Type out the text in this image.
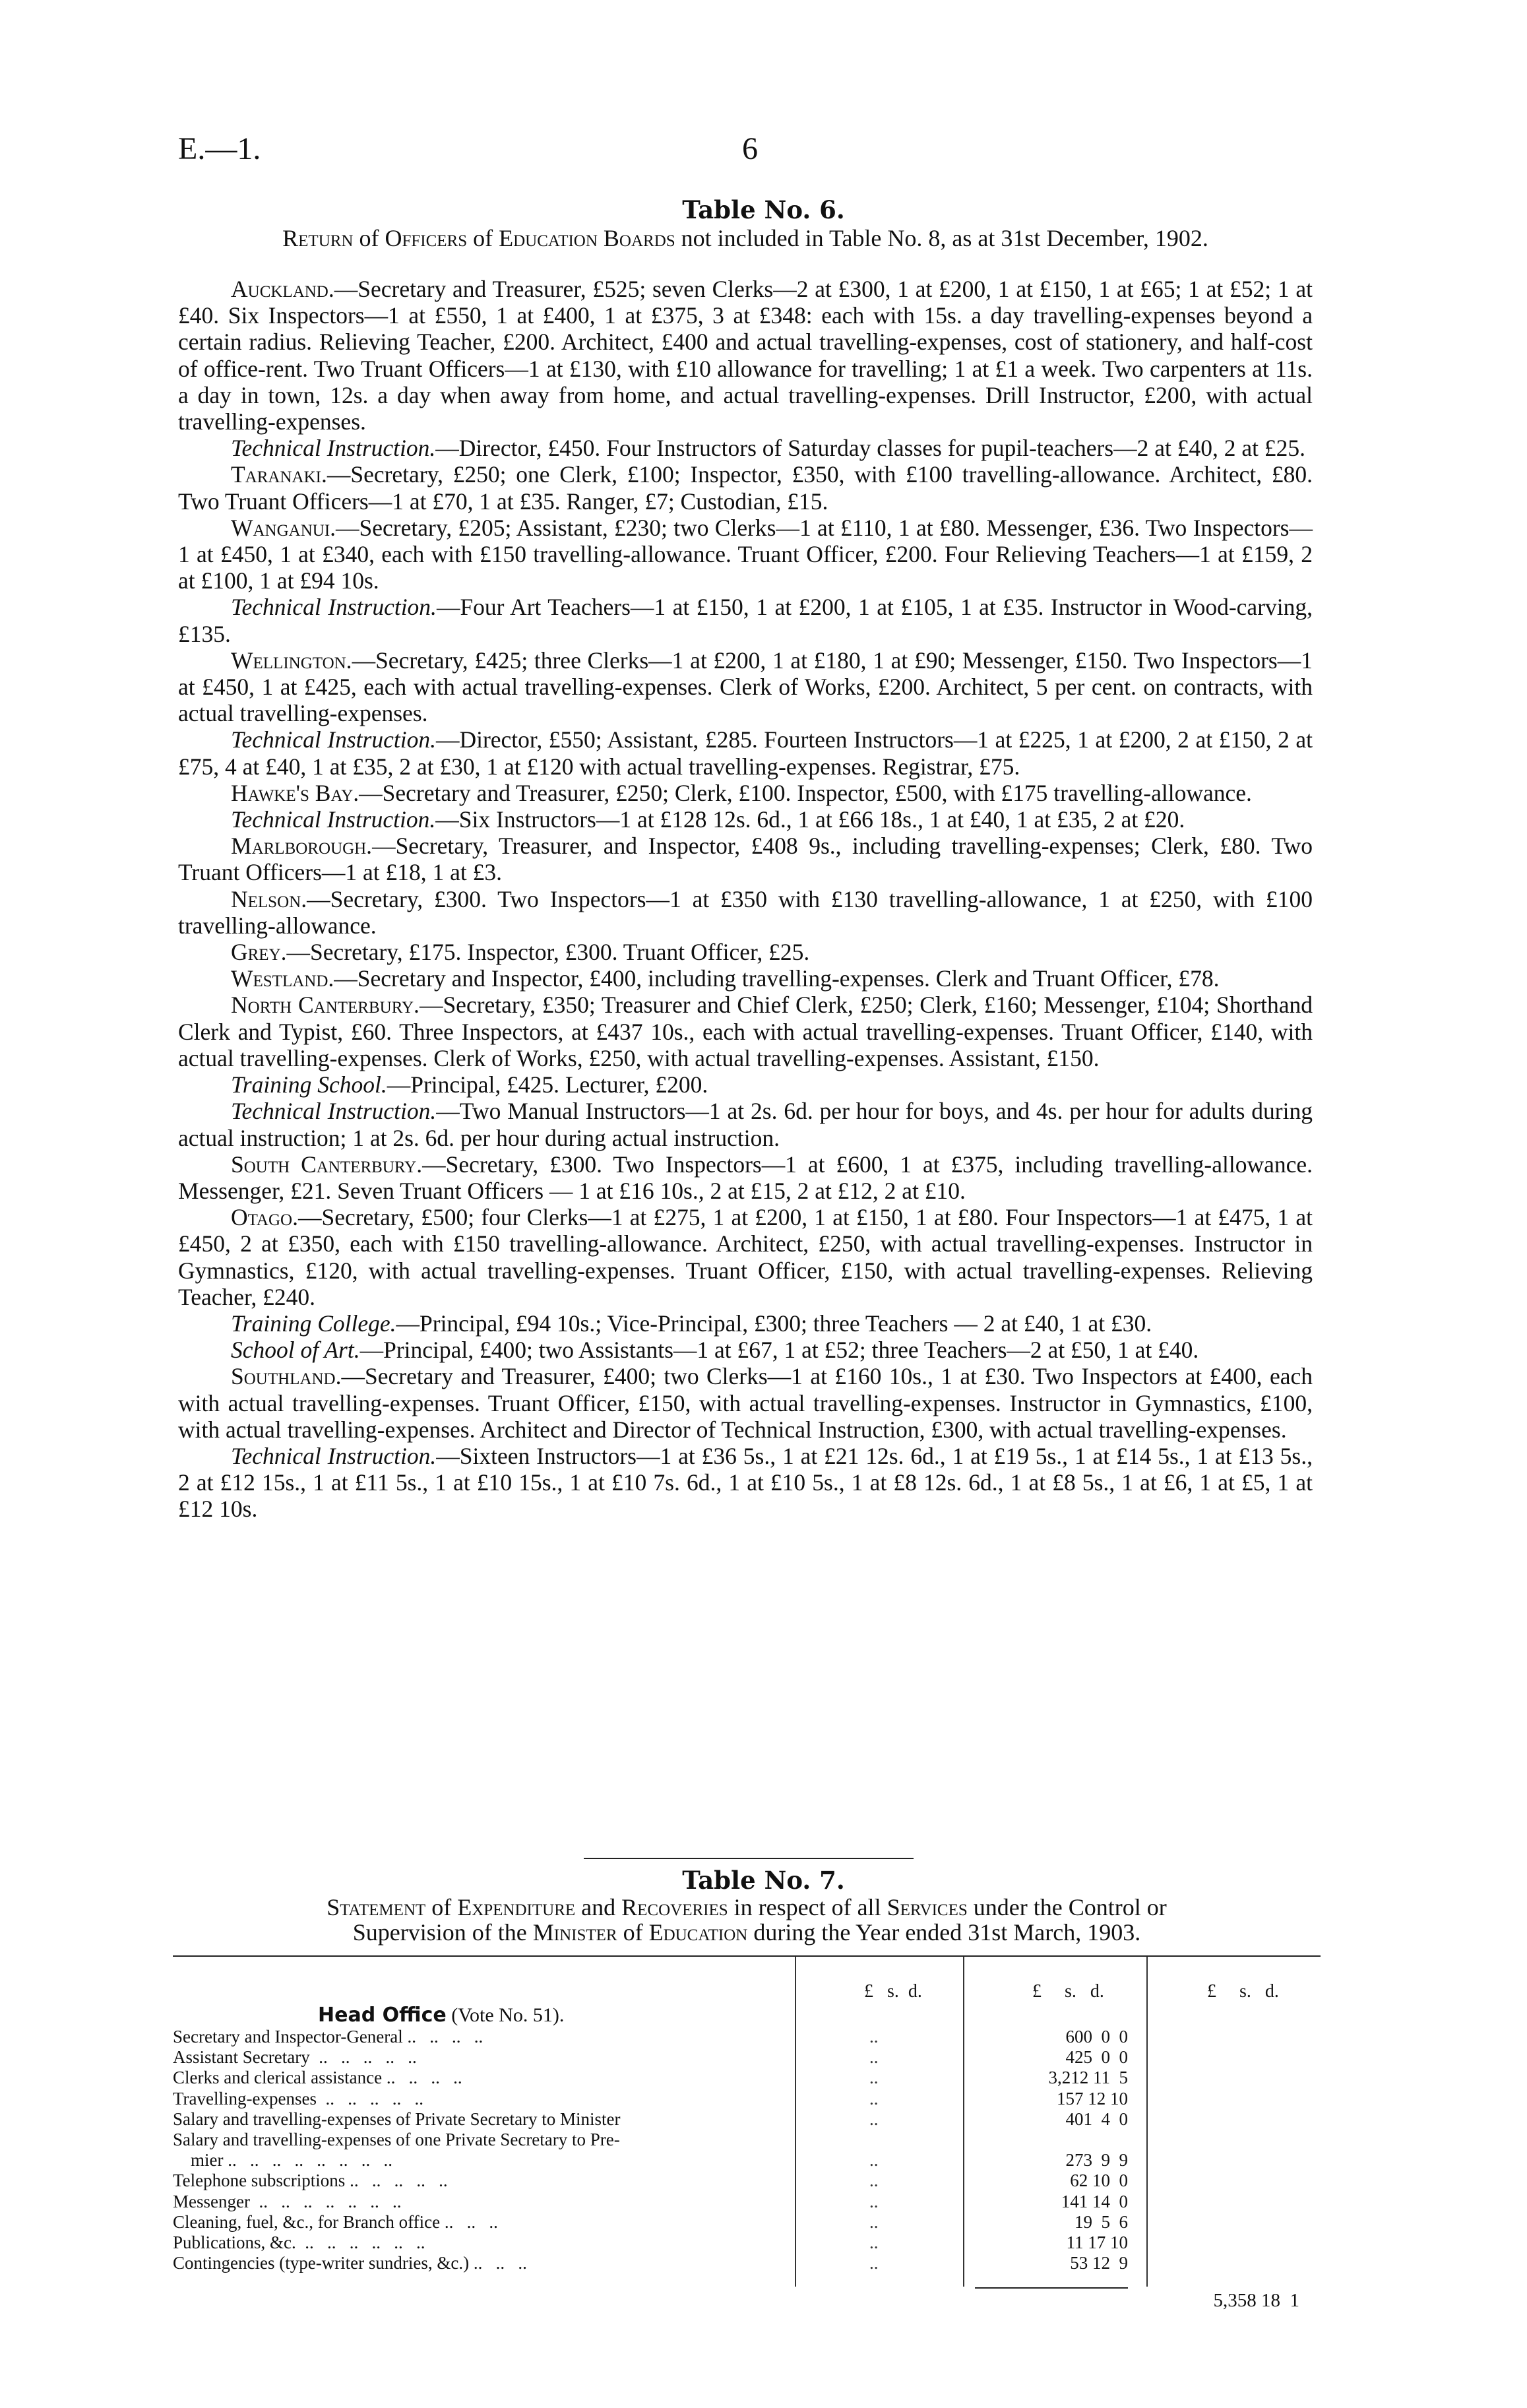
E.—1.	6
Table No. 6.
Return of Officers of Education Boards not included in Table No. 8, as at 31st December, 1902.

Auckland.—Secretary and Treasurer, £525; seven Clerks—2 at £300, 1 at £200, 1 at £150, 1 at £65; 1 at £52; 1 at £40. Six Inspectors—1 at £550, 1 at £400, 1 at £375, 3 at £348: each with 15s. a day travelling-expenses beyond a certain radius. Relieving Teacher, £200. Architect, £400 and actual travelling-expenses, cost of stationery, and half-cost of office-rent. Two Truant Officers—1 at £130, with £10 allowance for travelling; 1 at £1 a week. Two carpenters at 11s. a day in town, 12s. a day when away from home, and actual travelling-expenses. Drill Instructor, £200, with actual travelling-expenses.

Technical Instruction.—Director, £450. Four Instructors of Saturday classes for pupil-teachers—2 at £40, 2 at £25.

Taranaki.—Secretary, £250; one Clerk, £100; Inspector, £350, with £100 travelling-allowance. Architect, £80. Two Truant Officers—1 at £70, 1 at £35. Ranger, £7; Custodian, £15.

Wanganui.—Secretary, £205; Assistant, £230; two Clerks—1 at £110, 1 at £80. Messenger, £36. Two Inspectors—1 at £450, 1 at £340, each with £150 travelling-allowance. Truant Officer, £200. Four Relieving Teachers—1 at £159, 2 at £100, 1 at £94 10s.

Technical Instruction.—Four Art Teachers—1 at £150, 1 at £200, 1 at £105, 1 at £35. Instructor in Wood-carving, £135.

Wellington.—Secretary, £425; three Clerks—1 at £200, 1 at £180, 1 at £90; Messenger, £150. Two Inspectors—1 at £450, 1 at £425, each with actual travelling-expenses. Clerk of Works, £200. Architect, 5 per cent. on contracts, with actual travelling-expenses.

Technical Instruction.—Director, £550; Assistant, £285. Fourteen Instructors—1 at £225, 1 at £200, 2 at £150, 2 at £75, 4 at £40, 1 at £35, 2 at £30, 1 at £120 with actual travelling-expenses. Registrar, £75.

Hawke's Bay.—Secretary and Treasurer, £250; Clerk, £100. Inspector, £500, with £175 travelling-allowance.

Technical Instruction.—Six Instructors—1 at £128 12s. 6d., 1 at £66 18s., 1 at £40, 1 at £35, 2 at £20.

Marlborough.—Secretary, Treasurer, and Inspector, £408 9s., including travelling-expenses; Clerk, £80. Two Truant Officers—1 at £18, 1 at £3.

Nelson.—Secretary, £300. Two Inspectors—1 at £350 with £130 travelling-allowance, 1 at £250, with £100 travelling-allowance.

Grey.—Secretary, £175. Inspector, £300. Truant Officer, £25.

Westland.—Secretary and Inspector, £400, including travelling-expenses. Clerk and Truant Officer, £78.

North Canterbury.—Secretary, £350; Treasurer and Chief Clerk, £250; Clerk, £160; Messenger, £104; Shorthand Clerk and Typist, £60. Three Inspectors, at £437 10s., each with actual travelling-expenses. Truant Officer, £140, with actual travelling-expenses. Clerk of Works, £250, with actual travelling-expenses. Assistant, £150.

Training School.—Principal, £425. Lecturer, £200.

Technical Instruction.—Two Manual Instructors—1 at 2s. 6d. per hour for boys, and 4s. per hour for adults during actual instruction; 1 at 2s. 6d. per hour during actual instruction.

South Canterbury.—Secretary, £300. Two Inspectors—1 at £600, 1 at £375, including travelling-allowance. Messenger, £21. Seven Truant Officers — 1 at £16 10s., 2 at £15, 2 at £12, 2 at £10.

Otago.—Secretary, £500; four Clerks—1 at £275, 1 at £200, 1 at £150, 1 at £80. Four Inspectors—1 at £475, 1 at £450, 2 at £350, each with £150 travelling-allowance. Architect, £250, with actual travelling-expenses. Instructor in Gymnastics, £120, with actual travelling-expenses. Truant Officer, £150, with actual travelling-expenses. Relieving Teacher, £240.

Training College.—Principal, £94 10s.; Vice-Principal, £300; three Teachers — 2 at £40, 1 at £30.

School of Art.—Principal, £400; two Assistants—1 at £67, 1 at £52; three Teachers—2 at £50, 1 at £40.

Southland.—Secretary and Treasurer, £400; two Clerks—1 at £160 10s., 1 at £30. Two Inspectors at £400, each with actual travelling-expenses. Truant Officer, £150, with actual travelling-expenses. Instructor in Gymnastics, £100, with actual travelling-expenses. Architect and Director of Technical Instruction, £300, with actual travelling-expenses.

Technical Instruction.—Sixteen Instructors—1 at £36 5s., 1 at £21 12s. 6d., 1 at £19 5s., 1 at £14 5s., 1 at £13 5s., 2 at £12 15s., 1 at £11 5s., 1 at £10 15s., 1 at £10 7s. 6d., 1 at £10 5s., 1 at £8 12s. 6d., 1 at £8 5s., 1 at £6, 1 at £5, 1 at £12 10s.

Table No. 7.
Statement of Expenditure and Recoveries in respect of all Services under the Control or
Supervision of the Minister of Education during the Year ended 31st March, 1903.
£   s.  d.	£     s.   d.	£     s.   d.
Head Office (Vote No. 51).
Secretary and Inspector-General ..   ..   ..   ..	..	600  0  0
Assistant Secretary  ..   ..   ..   ..   ..	..	425  0  0
Clerks and clerical assistance ..   ..   ..   ..	..	3,212 11  5
Travelling-expenses  ..   ..   ..   ..   ..	..	157 12 10
Salary and travelling-expenses of Private Secretary to Minister	..	401  4  0
Salary and travelling-expenses of one Private Secretary to Pre-
mier ..   ..   ..   ..   ..   ..   ..   ..	..	273  9  9
Telephone subscriptions ..   ..   ..   ..   ..	..	62 10  0
Messenger  ..   ..   ..   ..   ..   ..   ..	..	141 14  0
Cleaning, fuel, &c., for Branch office ..   ..   ..	..	19  5  6
Publications, &c.  ..   ..   ..   ..   ..   ..	..	11 17 10
Contingencies (type-writer sundries, &c.) ..   ..   ..	..	53 12  9
5,358 18  1
